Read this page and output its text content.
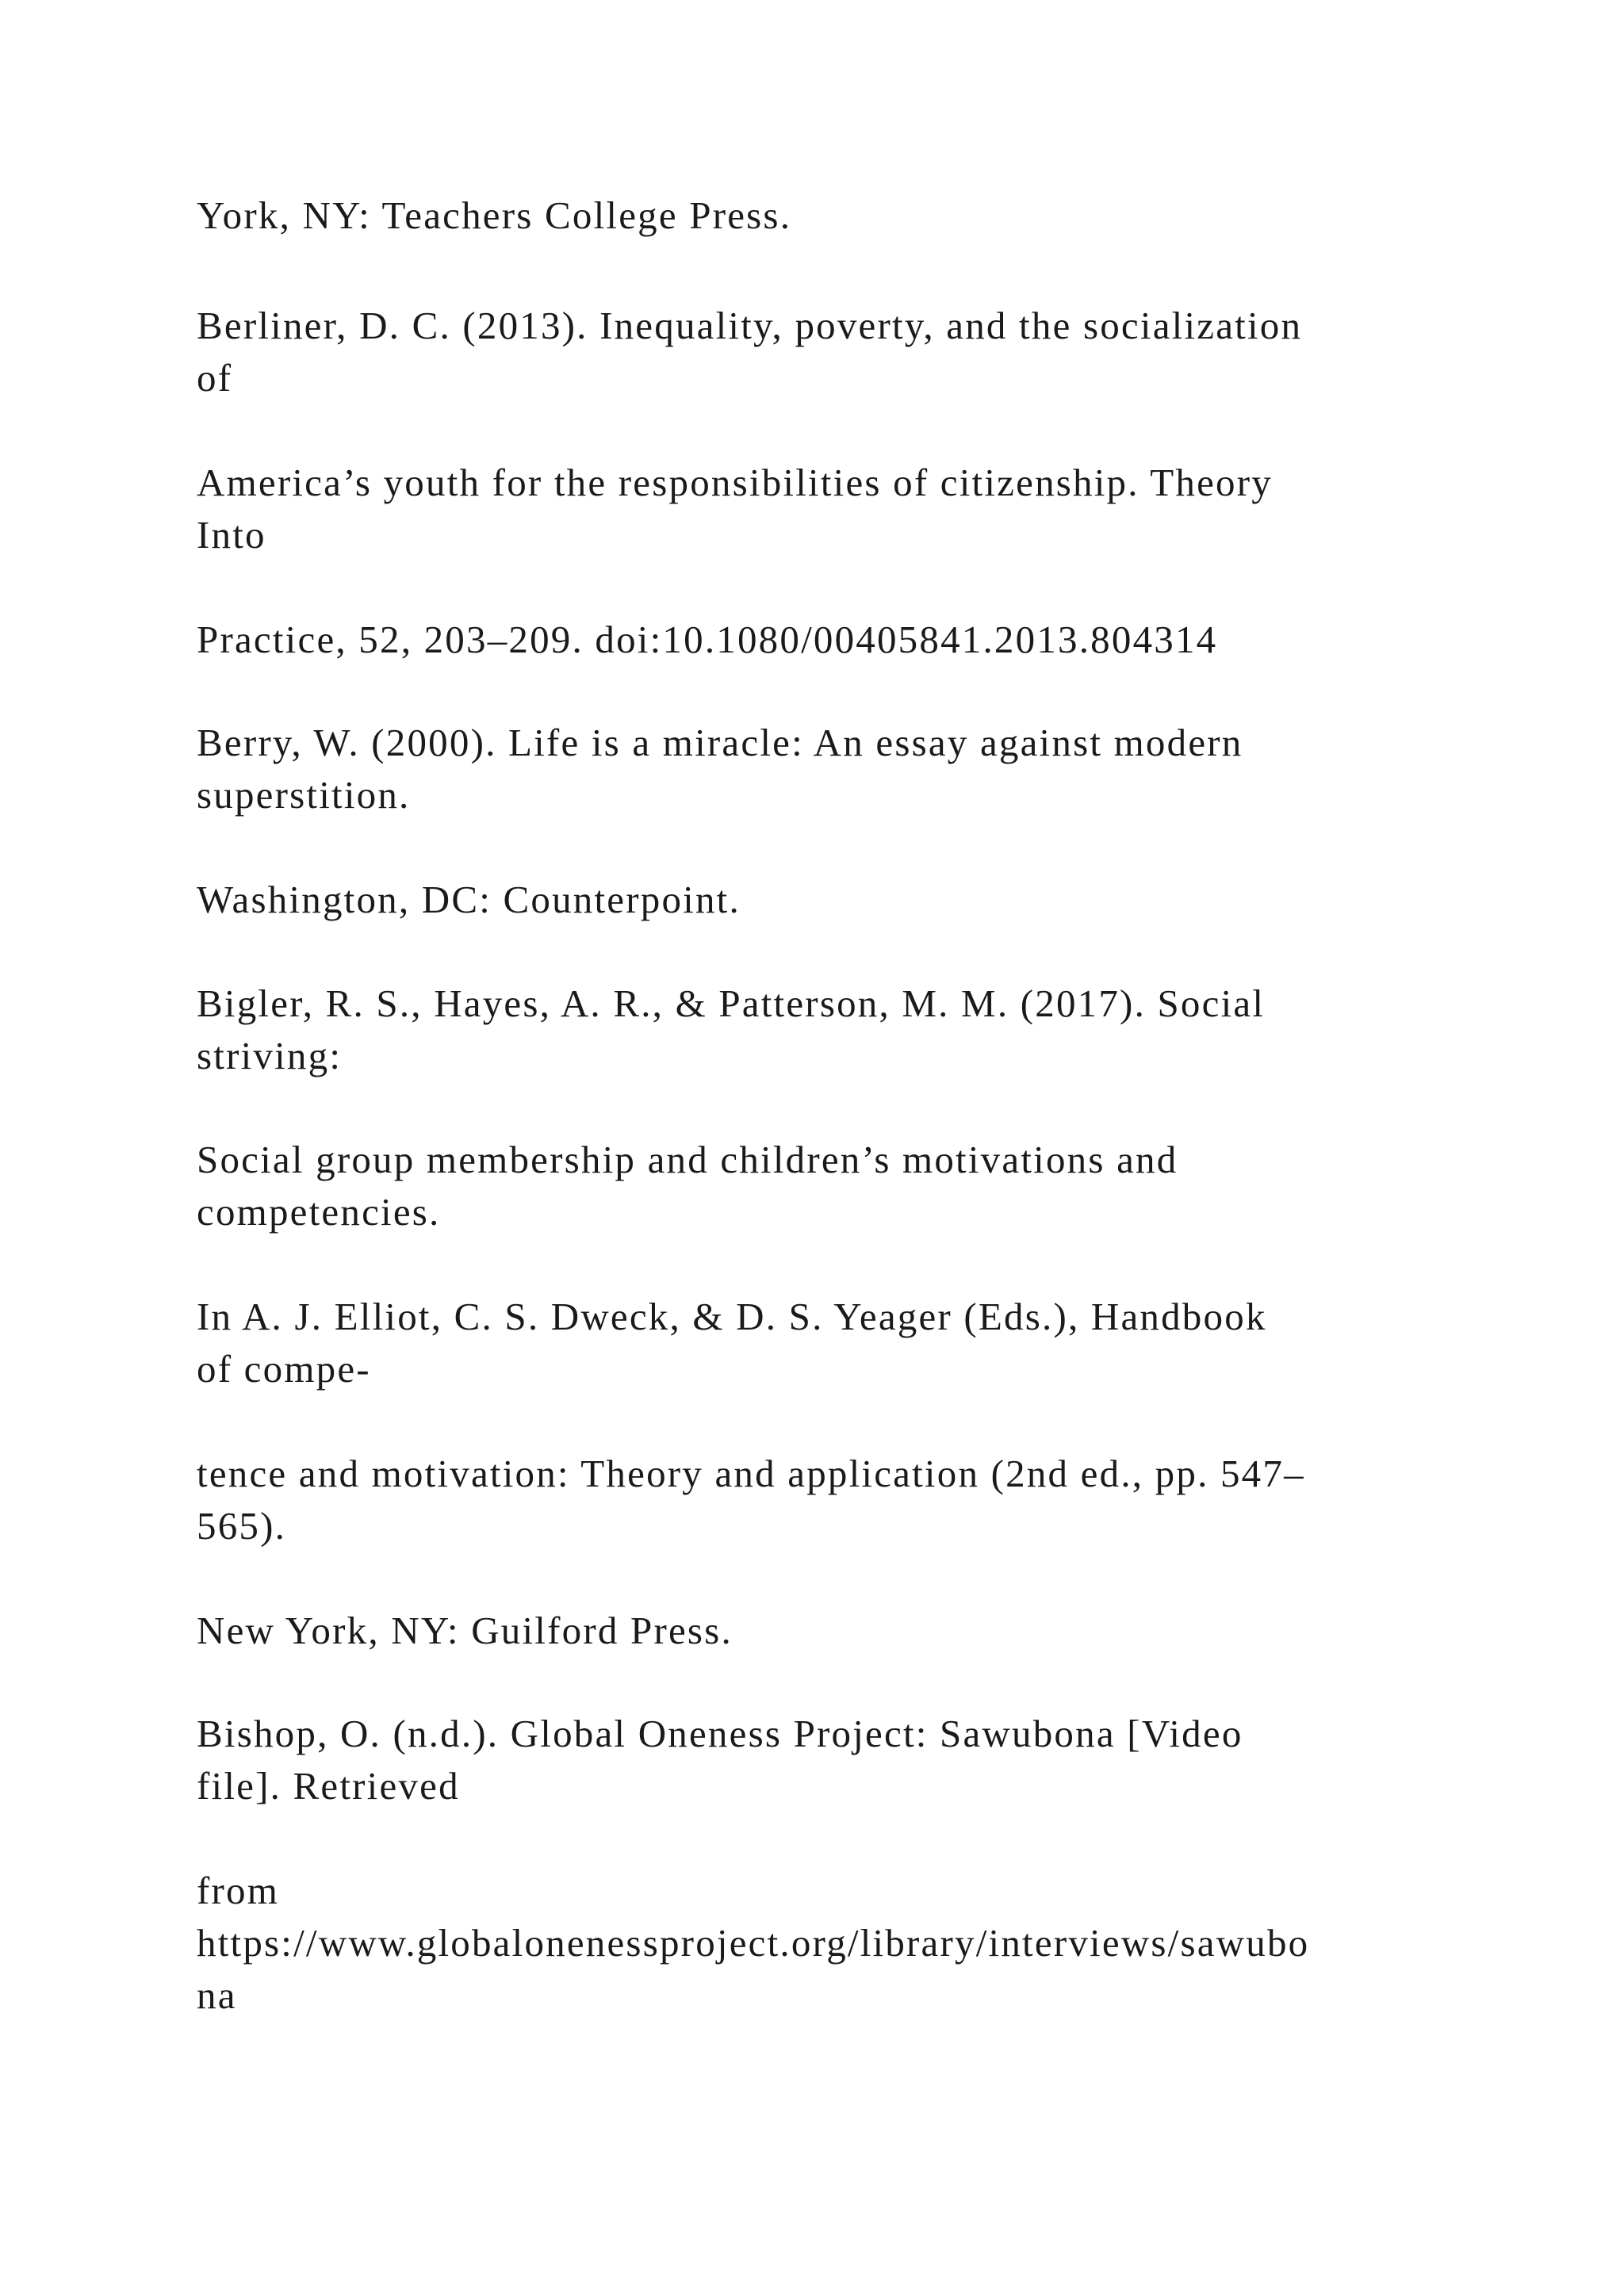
York, NY: Teachers College Press.

Berliner, D. C. (2013). Inequality, poverty, and the socialization
of

America’s youth for the responsibilities of citizenship. Theory
Into

Practice, 52, 203–209. doi:10.1080/00405841.2013.804314

Berry, W. (2000). Life is a miracle: An essay against modern
superstition.

Washington, DC: Counterpoint.

Bigler, R. S., Hayes, A. R., & Patterson, M. M. (2017). Social
striving:

Social group membership and children’s motivations and
competencies.

In A. J. Elliot, C. S. Dweck, & D. S. Yeager (Eds.), Handbook
of compe-

tence and motivation: Theory and application (2nd ed., pp. 547–
565).

New York, NY: Guilford Press.

Bishop, O. (n.d.). Global Oneness Project: Sawubona [Video
file]. Retrieved

from
https://www.globalonenessproject.org/library/interviews/sawubo
na
